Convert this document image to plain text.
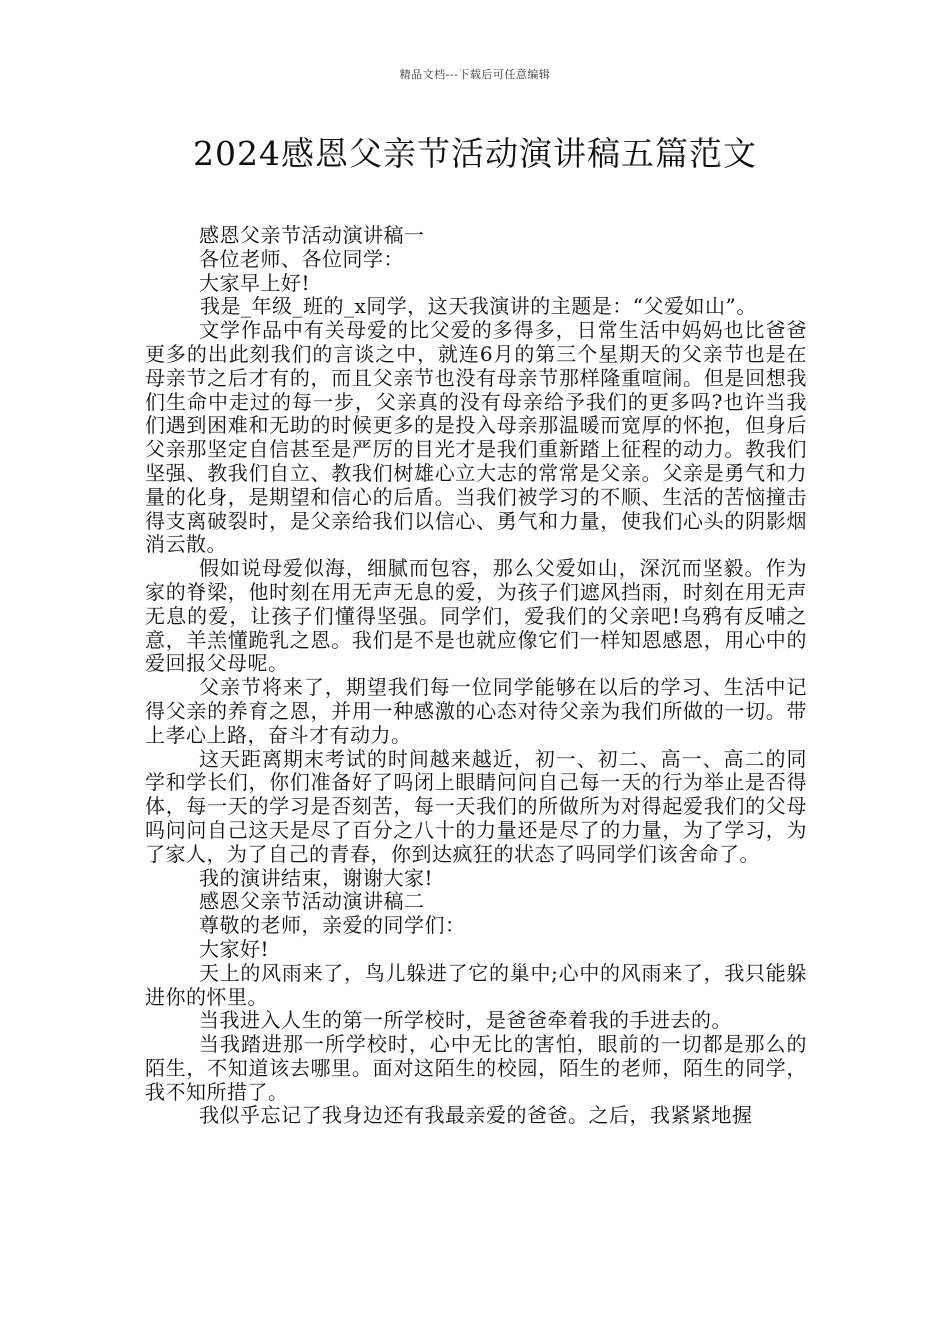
精品文档---下载后可任意编辑
2024感恩父亲节活动演讲稿五篇范文

感恩父亲节活动演讲稿一

各位老师、各位同学：

大家早上好!

我是_年级_班的_x同学，这天我演讲的主题是：“父爱如山”。

文学作品中有关母爱的比父爱的多得多，日常生活中妈妈也比爸爸更多的出此刻我们的言谈之中，就连6月的第三个星期天的父亲节也是在母亲节之后才有的，而且父亲节也没有母亲节那样隆重喧闹。但是回想我们生命中走过的每一步，父亲真的没有母亲给予我们的更多吗?也许当我们遇到困难和无助的时候更多的是投入母亲那温暖而宽厚的怀抱，但身后父亲那坚定自信甚至是严厉的目光才是我们重新踏上征程的动力。教我们坚强、教我们自立、教我们树雄心立大志的常常是父亲。父亲是勇气和力量的化身，是期望和信心的后盾。当我们被学习的不顺、生活的苦恼撞击得支离破裂时，是父亲给我们以信心、勇气和力量，使我们心头的阴影烟消云散。

假如说母爱似海，细腻而包容，那么父爱如山，深沉而坚毅。作为家的脊梁，他时刻在用无声无息的爱，为孩子们遮风挡雨，时刻在用无声无息的爱，让孩子们懂得坚强。同学们，爱我们的父亲吧!乌鸦有反哺之意，羊羔懂跪乳之恩。我们是不是也就应像它们一样知恩感恩，用心中的爱回报父母呢。

父亲节将来了，期望我们每一位同学能够在以后的学习、生活中记得父亲的养育之恩，并用一种感激的心态对待父亲为我们所做的一切。带上孝心上路，奋斗才有动力。

这天距离期末考试的时间越来越近，初一、初二、高一、高二的同学和学长们，你们准备好了吗闭上眼睛问问自己每一天的行为举止是否得体，每一天的学习是否刻苦，每一天我们的所做所为对得起爱我们的父母吗问问自己这天是尽了百分之八十的力量还是尽了的力量，为了学习，为了家人，为了自己的青春，你到达疯狂的状态了吗同学们该舍命了。

我的演讲结束，谢谢大家!

感恩父亲节活动演讲稿二

尊敬的老师，亲爱的同学们：

大家好!

天上的风雨来了，鸟儿躲进了它的巢中;心中的风雨来了，我只能躲进你的怀里。

当我进入人生的第一所学校时，是爸爸牵着我的手进去的。

当我踏进那一所学校时，心中无比的害怕，眼前的一切都是那么的陌生，不知道该去哪里。面对这陌生的校园，陌生的老师，陌生的同学，我不知所措了。

我似乎忘记了我身边还有我最亲爱的爸爸。之后，我紧紧地握
